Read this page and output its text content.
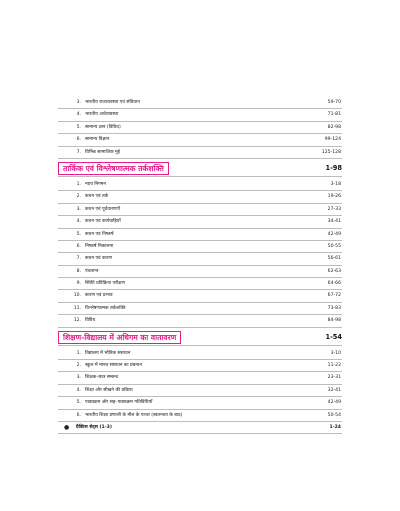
3. भारतीय राजव्यवस्था एवं संविधान	59-70
4. भारतीय अर्थव्यवस्था	71-81
5. सामान्य ज्ञान (विविध)	82-98
6. सामान्य विज्ञान	99-124
7. विभिन्न सामाजिक मुद्दे	125-128
तार्किक एवं विश्लेषणात्मक तर्कशक्ति	1-98
1. न्याय निगमन	3-18
2. कथन एवं तर्क	19-26
3. कथन एवं पूर्वधारणाएँ	27-33
4. कथन एवं कार्यवाहियाँ	34-41
5. कथन एवं निष्कर्ष	42-49
6. निष्कर्ष निकालना	50-55
7. कथन एवं कारण	56-61
8. पंचतान्त्र	62-63
9. स्थिति प्रतिक्रिया परीक्षण	64-66
10. कारण एवं प्रभाव	67-72
11. विश्लेषणात्मक तर्कशक्ति	73-83
12. विविध	84-98
शिक्षण-विद्यालय में अधिगम का वातावरण	1-54
1. विद्यालय में भौतिक संसाधन	3-10
2. स्कूल में मानव संसाधन का प्रबन्धन	11-22
3. शिक्षक–छात्र सम्बन्ध	23-31
4. शिक्षा और सीखने की प्रक्रिया	32-41
5. पाठ्यक्रम और सह–पाठ्यक्रम गतिविधियाँ	42-49
6. भारतीय शिक्षा प्रणाली के मील के पत्थर (स्वतन्त्रता के बाद)	50-54
●	प्रैक्टिस सेट्स (1-3)	1-24
